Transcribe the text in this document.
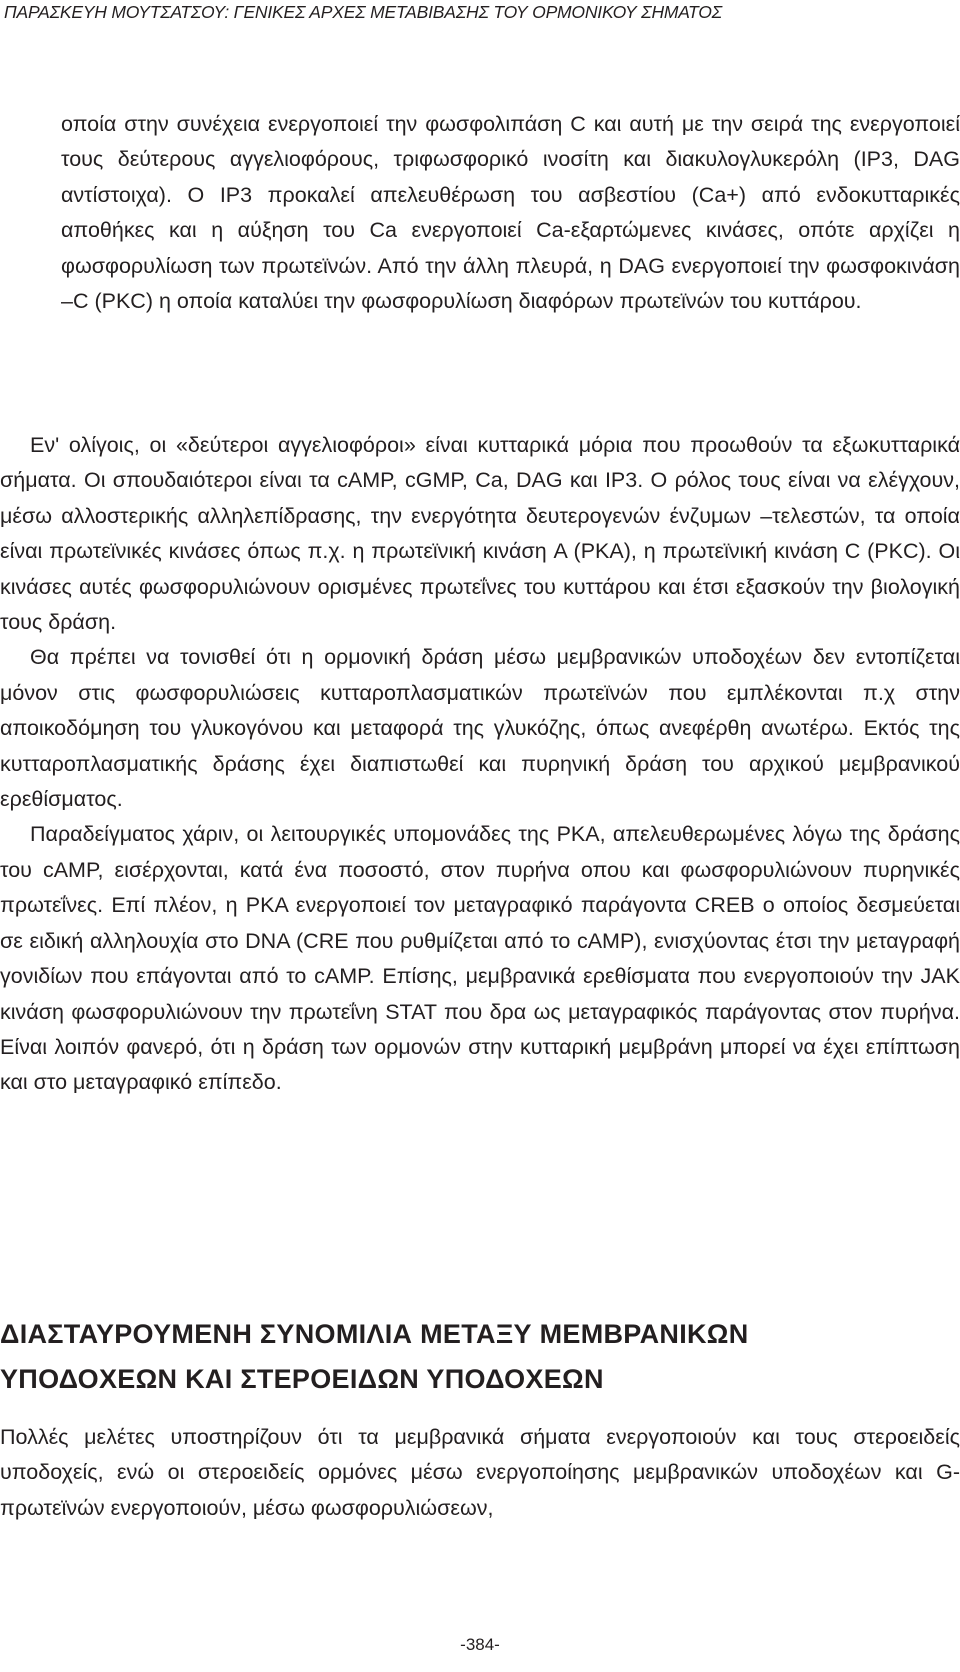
ΠΑΡΑΣΚΕΥΗ ΜΟΥΤΣΑΤΣΟΥ: ΓΕΝΙΚΕΣ ΑΡΧΕΣ ΜΕΤΑΒΙΒΑΣΗΣ ΤΟΥ ΟΡΜΟΝΙΚΟΥ ΣΗΜΑΤΟΣ

οποία στην συνέχεια ενεργοποιεί την φωσφολιπάση C και αυτή με την σειρά της ενεργοποιεί τους δεύτερους αγγελιοφόρους, τριφωσφορικό ινοσίτη και διακυλογλυκερόλη (IP3, DAG αντίστοιχα). Ο IP3 προκαλεί απελευθέρωση του ασβεστίου (Ca+) από ενδοκυτταρικές αποθήκες και η αύξηση του Ca ενεργοποιεί Ca-εξαρτώμενες κινάσες, οπότε αρχίζει η φωσφορυλίωση των πρωτεϊνών. Από την άλλη πλευρά, η DAG ενεργοποιεί την φωσφοκινάση –C (PKC) η οποία καταλύει την φωσφορυλίωση διαφόρων πρωτεϊνών του κυττάρου.

Εν' ολίγοις, οι «δεύτεροι αγγελιοφόροι» είναι κυτταρικά μόρια που προωθούν τα εξωκυτταρικά σήματα. Οι σπουδαιότεροι είναι τα cAMP, cGMP, Ca, DAG και IP3. Ο ρόλος τους είναι να ελέγχουν, μέσω αλλοστερικής αλληλεπίδρασης, την ενεργότητα δευτερογενών ένζυμων –τελεστών, τα οποία είναι πρωτεϊνικές κινάσες όπως π.χ. η πρωτεϊνική κινάση A (PKA), η πρωτεϊνική κινάση C (PKC). Οι κινάσες αυτές φωσφορυλιώνουν ορισμένες πρωτεΐνες του κυττάρου και έτσι εξασκούν την βιολογική τους δράση.

Θα πρέπει να τονισθεί ότι η ορμονική δράση μέσω μεμβρανικών υποδοχέων δεν εντοπίζεται μόνον στις φωσφορυλιώσεις κυτταροπλασματικών πρωτεϊνών που εμπλέκονται π.χ στην αποικοδόμηση του γλυκογόνου και μεταφορά της γλυκόζης, όπως ανεφέρθη ανωτέρω. Εκτός της κυτταροπλασματικής δράσης έχει διαπιστωθεί και πυρηνική δράση του αρχικού μεμβρανικού ερεθίσματος.

Παραδείγματος χάριν, οι λειτουργικές υπομονάδες της PKA, απελευθερωμένες λόγω της δράσης του cAMP, εισέρχονται, κατά ένα ποσοστό, στον πυρήνα οπου και φωσφορυλιώνουν πυρηνικές πρωτεΐνες. Επί πλέον, η PKA ενεργοποιεί τον μεταγραφικό παράγοντα CREB ο οποίος δεσμεύεται σε ειδική αλληλουχία στο DNA (CRE που ρυθμίζεται από το cAMP), ενισχύοντας έτσι την μεταγραφή γονιδίων που επάγονται από το cAMP. Επίσης, μεμβρανικά ερεθίσματα που ενεργοποιούν την JAK κινάση φωσφορυλιώνουν την πρωτεΐνη STAT που δρα ως μεταγραφικός παράγοντας στον πυρήνα. Είναι λοιπόν φανερό, ότι η δράση των ορμονών στην κυτταρική μεμβράνη μπορεί να έχει επίπτωση και στο μεταγραφικό επίπεδο.

ΔΙΑΣΤΑΥΡΟΥΜΕΝΗ ΣΥΝΟΜΙΛΙΑ ΜΕΤΑΞΥ ΜΕΜΒΡΑΝΙΚΩΝ
ΥΠΟΔΟΧΕΩΝ ΚΑΙ ΣΤΕΡΟΕΙΔΩΝ ΥΠΟΔΟΧΕΩΝ

Πολλές μελέτες υποστηρίζουν ότι τα μεμβρανικά σήματα ενεργοποιούν και τους στεροειδείς υποδοχείς, ενώ οι στεροειδείς ορμόνες μέσω ενεργοποίησης μεμβρανικών υποδοχέων και G-πρωτεϊνών ενεργοποιούν, μέσω φωσφορυλιώσεων,

-384-
